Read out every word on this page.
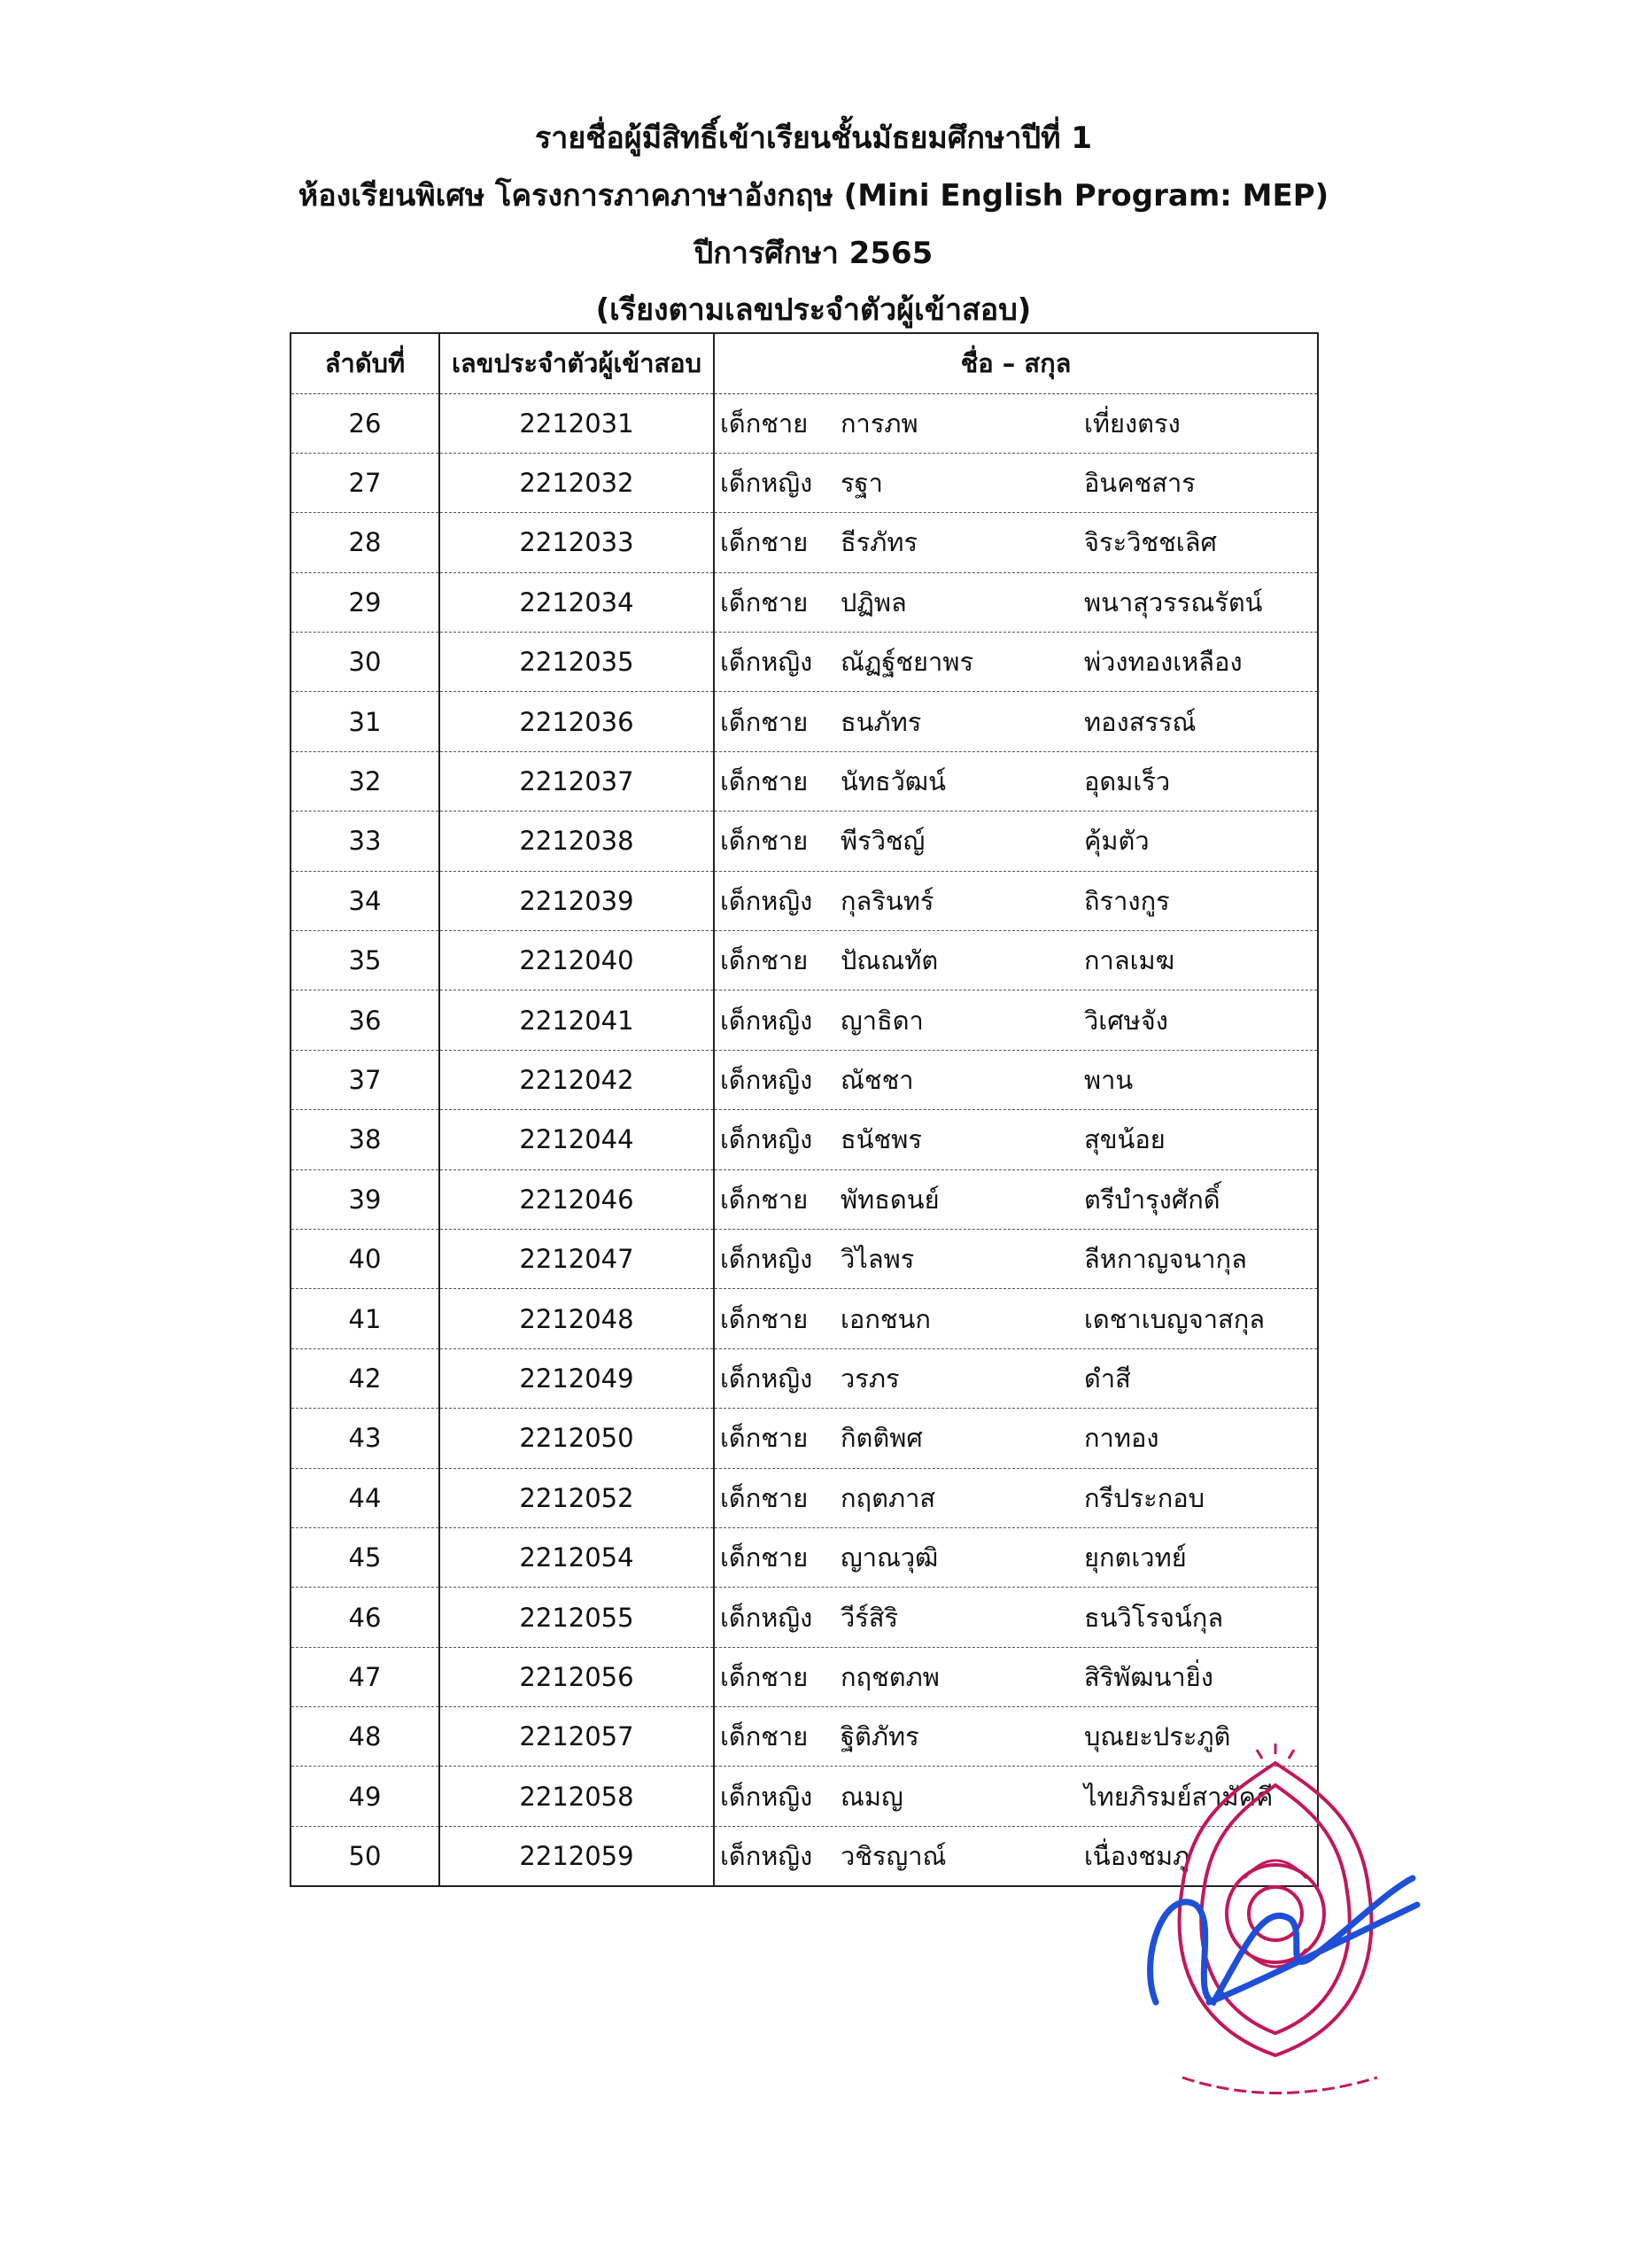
รายชื่อผู้มีสิทธิ์เข้าเรียนชั้นมัธยมศึกษาปีที่ 1
ห้องเรียนพิเศษ โครงการภาคภาษาอังกฤษ (Mini English Program: MEP)
ปีการศึกษา 2565
(เรียงตามเลขประจำตัวผู้เข้าสอบ)
ลำดับที่	เลขประจำตัวผู้เข้าสอบ	ชื่อ – สกุล
26	2212031	เด็กชาย การภพ เที่ยงตรง

27	2212032	เด็กหญิง รฐา อินคชสาร

28	2212033	เด็กชาย ธีรภัทร จิระวิชชเลิศ

29	2212034	เด็กชาย ปฏิพล พนาสุวรรณรัตน์

30	2212035	เด็กหญิง ณัฏฐ์ชยาพร พ่วงทองเหลือง

31	2212036	เด็กชาย ธนภัทร ทองสรรณ์

32	2212037	เด็กชาย นัทธวัฒน์ อุดมเร็ว

33	2212038	เด็กชาย พีรวิชญ์ คุ้มตัว

34	2212039	เด็กหญิง กุลรินทร์ ถิรางกูร

35	2212040	เด็กชาย ปัณณทัต กาลเมฆ

36	2212041	เด็กหญิง ญาธิดา วิเศษจัง

37	2212042	เด็กหญิง ณัชชา พาน

38	2212044	เด็กหญิง ธนัชพร สุขน้อย

39	2212046	เด็กชาย พัทธดนย์ ตรีบำรุงศักดิ์

40	2212047	เด็กหญิง วิไลพร ลีหกาญจนากุล

41	2212048	เด็กชาย เอกชนก เดชาเบญจาสกุล

42	2212049	เด็กหญิง วรภร ดำสี

43	2212050	เด็กชาย กิตติพศ กาทอง

44	2212052	เด็กชาย กฤตภาส กรีประกอบ

45	2212054	เด็กชาย ญาณวุฒิ ยุกตเวทย์

46	2212055	เด็กหญิง วีร์สิริ ธนวิโรจน์กุล

47	2212056	เด็กชาย กฤชตภพ สิริพัฒนายิ่ง

48	2212057	เด็กชาย ฐิติภัทร บุณยะประภูติ

49	2212058	เด็กหญิง ณมญ ไทยภิรมย์สามัคคี

50	2212059	เด็กหญิง วชิรญาณ์ เนื่องชมภู
